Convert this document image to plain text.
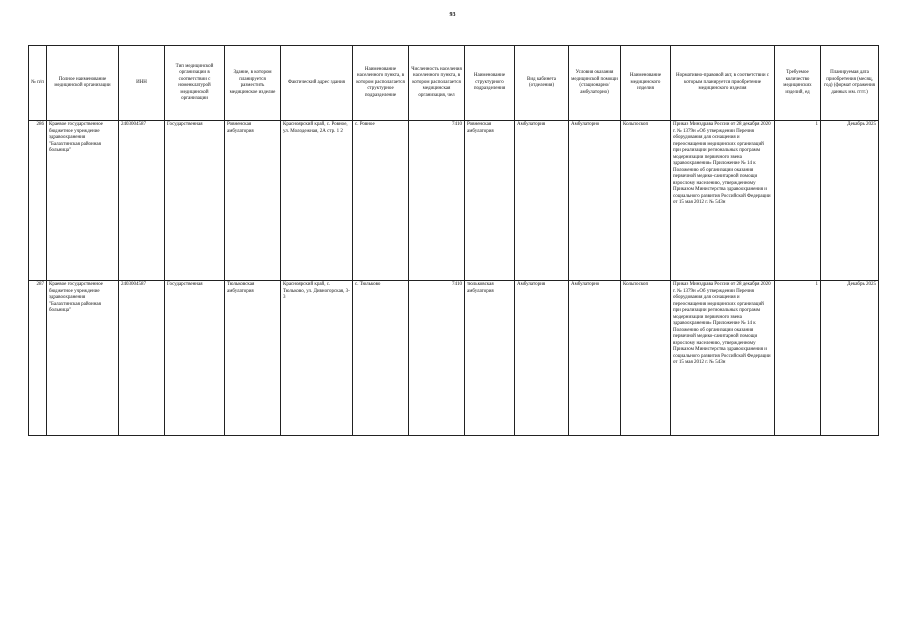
93
№ п/п	Полное наименование медицинской организации	ИНН	Тип медицинской организации в соответствии с номенклатурой медицинской организации	Здание, в котором планируется разместить медицинское изделие	Фактический адрес здания	Наименование населенного пункта, в котором располагается структурное подразделение	Численность населения населенного пункта, в котором располагается медицинская организация, чел	Наименование структурного подразделения	Вид кабинета (отделения)	Условия оказания медицинской помощи (стационарно/ амбулаторно)	Наименование медицинского изделия	Нормативно-правовой акт, в соответствии с которым планируется приобретение медицинского изделия	Требуемое количество медицинских изделий, ед	Планируемая дата приобретения (месяц, год) (формат отражения данных мм. гггг.)
286	Краевое государственное бюджетное учреждение здравоохранения "Балахтинская районная больница"	2403004587	Государственная	Ровненская амбулатория	Красноярский край, с. Ровное, ул. Молодежная, 2А стр. 1 2	с. Ровное	7410	Ровненская амбулатория	Амбулатория	Амбулаторно	Кольпоскоп	Приказ Минздрава России от 28 декабря 2020 г. № 1379н «Об утверждении Перечня оборудования для оснащения и переоснащения медицинских организаций при реализации региональных программ модернизации первичного звена здравоохранения» Приложение № 14 к Положению об организации оказания первичной медико-санитарной помощи взрослому населению, утвержденному Приказом Министерства здравоохранения и социального развития Российской Федерации от 15 мая 2012 г. № 543н	1	Декабрь 2025
287	Краевое государственное бюджетное учреждение здравоохранения "Балахтинская районная больница"	2403004587	Государственная	Тюльковская амбулатория	Красноярский край, с. Тюльково, ул. Дивногорская, 3-3	с. Тюльково	7410	тюльковская амбулатория	Амбулатория	Амбулаторно	Кольпоскоп	Приказ Минздрава России от 28 декабря 2020 г. № 1379н «Об утверждении Перечня оборудования для оснащения и переоснащения медицинских организаций при реализации региональных программ модернизации первичного звена здравоохранения» Приложение № 14 к Положению об организации оказания первичной медико-санитарной помощи взрослому населению, утвержденному Приказом Министерства здравоохранения и социального развития Российской Федерации от 15 мая 2012 г. № 543н	1	Декабрь 2025
